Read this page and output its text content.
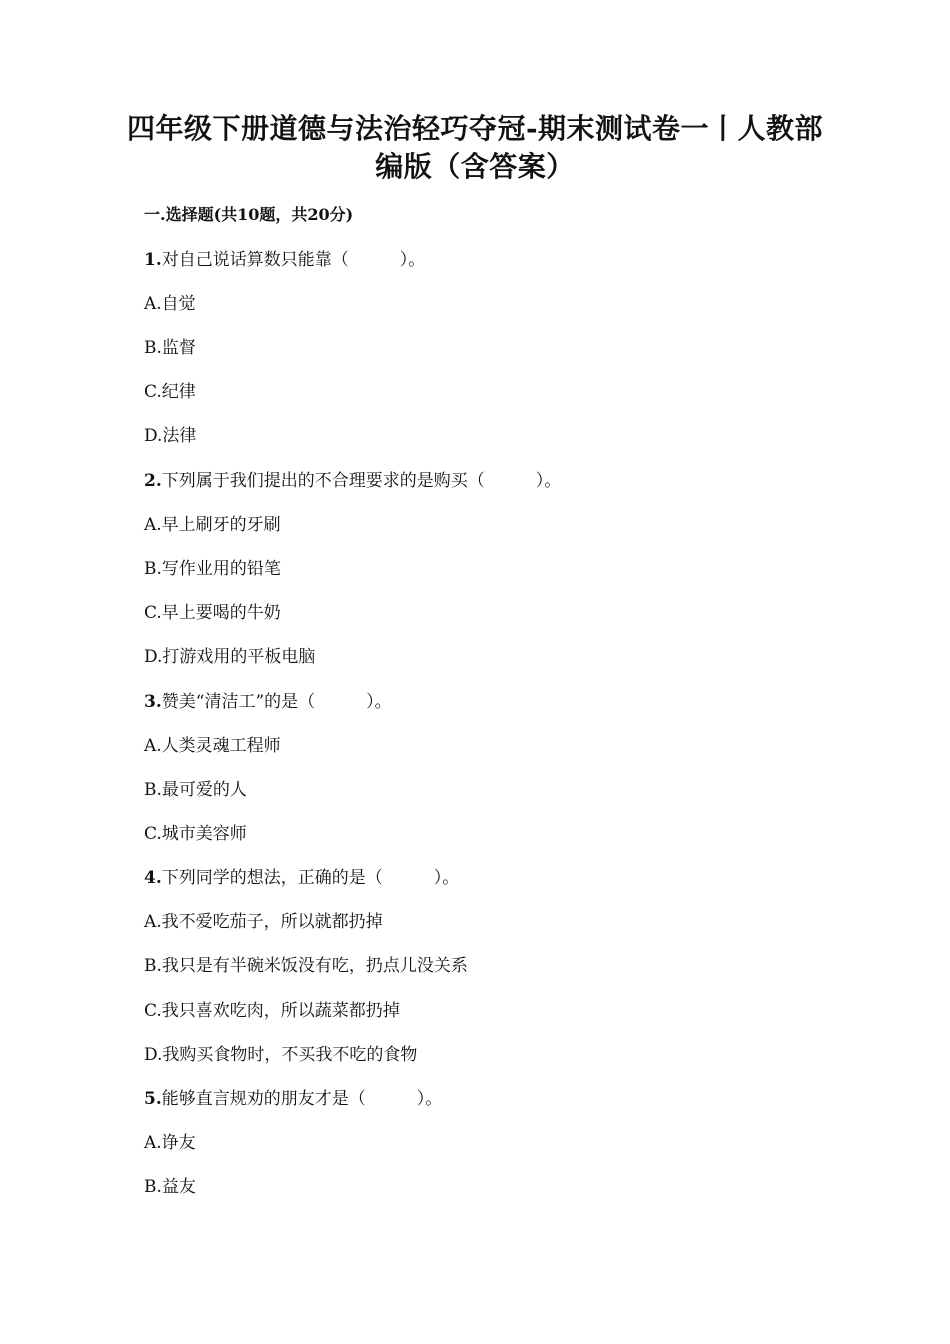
四年级下册道德与法治轻巧夺冠-期末测试卷一丨人教部编版（含答案）
一.选择题(共10题，共20分)
1.对自己说话算数只能靠（　　　）。
A.自觉
B.监督
C.纪律
D.法律
2.下列属于我们提出的不合理要求的是购买（　　　）。
A.早上刷牙的牙刷
B.写作业用的铅笔
C.早上要喝的牛奶
D.打游戏用的平板电脑
3.赞美“清洁工”的是（　　　）。
A.人类灵魂工程师
B.最可爱的人
C.城市美容师
4.下列同学的想法，正确的是（　　　）。
A.我不爱吃茄子，所以就都扔掉
B.我只是有半碗米饭没有吃，扔点儿没关系
C.我只喜欢吃肉，所以蔬菜都扔掉
D.我购买食物时，不买我不吃的食物
5.能够直言规劝的朋友才是（　　　）。
A.诤友
B.益友
